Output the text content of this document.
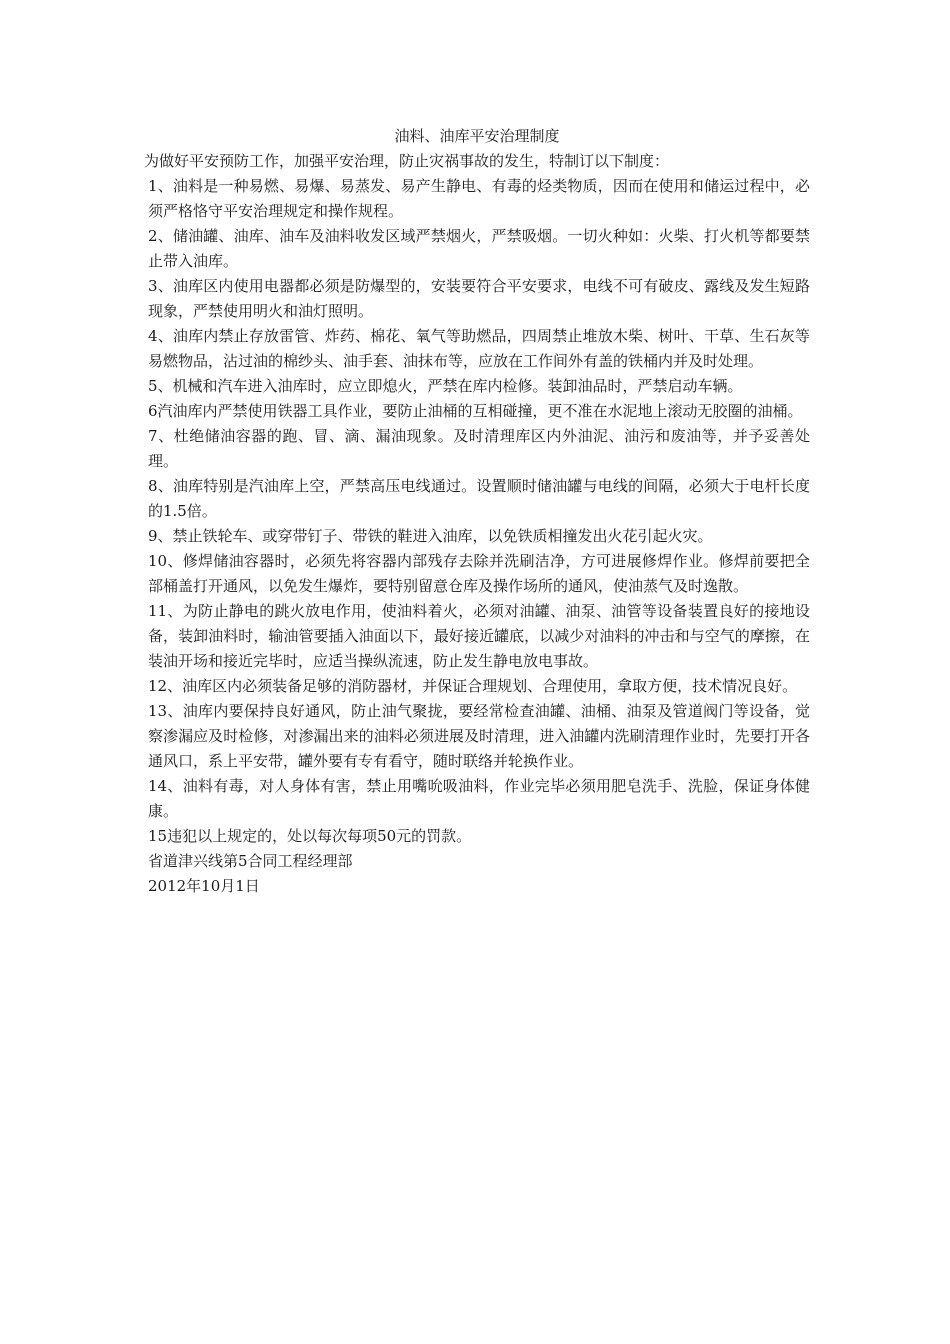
油料、油库平安治理制度

为做好平安预防工作，加强平安治理，防止灾祸事故的发生，特制订以下制度：

1、油料是一种易燃、易爆、易蒸发、易产生静电、有毒的烃类物质，因而在使用和储运过程中，必须严格恪守平安治理规定和操作规程。

2、储油罐、油库、油车及油料收发区域严禁烟火，严禁吸烟。一切火种如：火柴、打火机等都要禁止带入油库。

3、油库区内使用电器都必须是防爆型的，安装要符合平安要求，电线不可有破皮、露线及发生短路现象，严禁使用明火和油灯照明。

4、油库内禁止存放雷管、炸药、棉花、氧气等助燃品，四周禁止堆放木柴、树叶、干草、生石灰等易燃物品，沾过油的棉纱头、油手套、油抹布等，应放在工作间外有盖的铁桶内并及时处理。

5、机械和汽车进入油库时，应立即熄火，严禁在库内检修。装卸油品时，严禁启动车辆。

6汽油库内严禁使用铁器工具作业，要防止油桶的互相碰撞，更不准在水泥地上滚动无胶圈的油桶。

7、杜绝储油容器的跑、冒、滴、漏油现象。及时清理库区内外油泥、油污和废油等，并予妥善处理。

8、油库特别是汽油库上空，严禁高压电线通过。设置顺时储油罐与电线的间隔，必须大于电杆长度的1.5倍。

9、禁止铁轮车、或穿带钉子、带铁的鞋进入油库，以免铁质相撞发出火花引起火灾。

10、修焊储油容器时，必须先将容器内部残存去除并洗刷洁净，方可进展修焊作业。修焊前要把全部桶盖打开通风，以免发生爆炸，要特别留意仓库及操作场所的通风，使油蒸气及时逸散。

11、为防止静电的跳火放电作用，使油料着火，必须对油罐、油泵、油管等设备装置良好的接地设备，装卸油料时，输油管要插入油面以下，最好接近罐底，以减少对油料的冲击和与空气的摩擦，在装油开场和接近完毕时，应适当操纵流速，防止发生静电放电事故。

12、油库区内必须装备足够的消防器材，并保证合理规划、合理使用，拿取方便，技术情况良好。

13、油库内要保持良好通风，防止油气聚拢，要经常检查油罐、油桶、油泵及管道阀门等设备，觉察渗漏应及时检修，对渗漏出来的油料必须进展及时清理，进入油罐内洗刷清理作业时，先要打开各通风口，系上平安带，罐外要有专有看守，随时联络并轮换作业。

14、油料有毒，对人身体有害，禁止用嘴吮吸油料，作业完毕必须用肥皂洗手、洗脸，保证身体健康。

15违犯以上规定的，处以每次每项50元的罚款。

省道津兴线第5合同工程经理部

2012年10月1日
